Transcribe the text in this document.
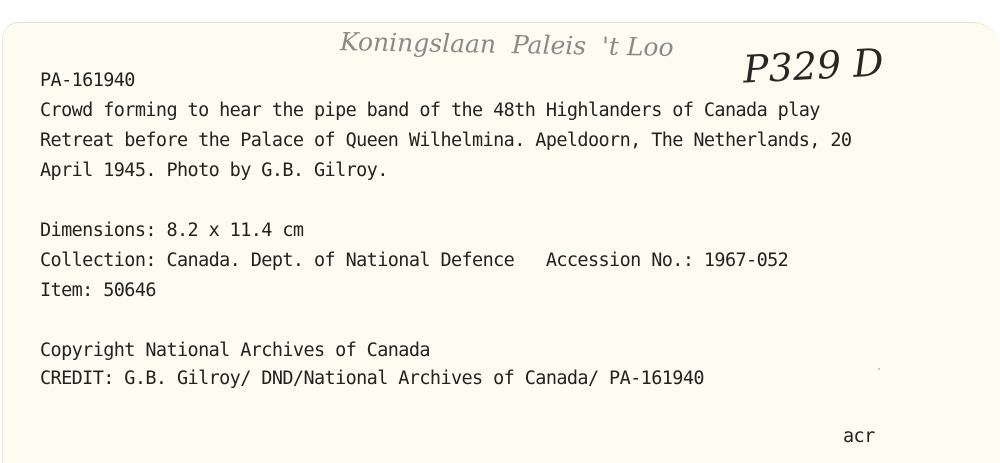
Koningslaan  Paleis  't Loo P329 D
PA-161940
Crowd forming to hear the pipe band of the 48th Highlanders of Canada play
Retreat before the Palace of Queen Wilhelmina. Apeldoorn, The Netherlands, 20
April 1945. Photo by G.B. Gilroy.
Dimensions: 8.2 x 11.4 cm
Collection: Canada. Dept. of National Defence   Accession No.: 1967-052
Item: 50646
Copyright National Archives of Canada
CREDIT: G.B. Gilroy/ DND/National Archives of Canada/ PA-161940
acr
